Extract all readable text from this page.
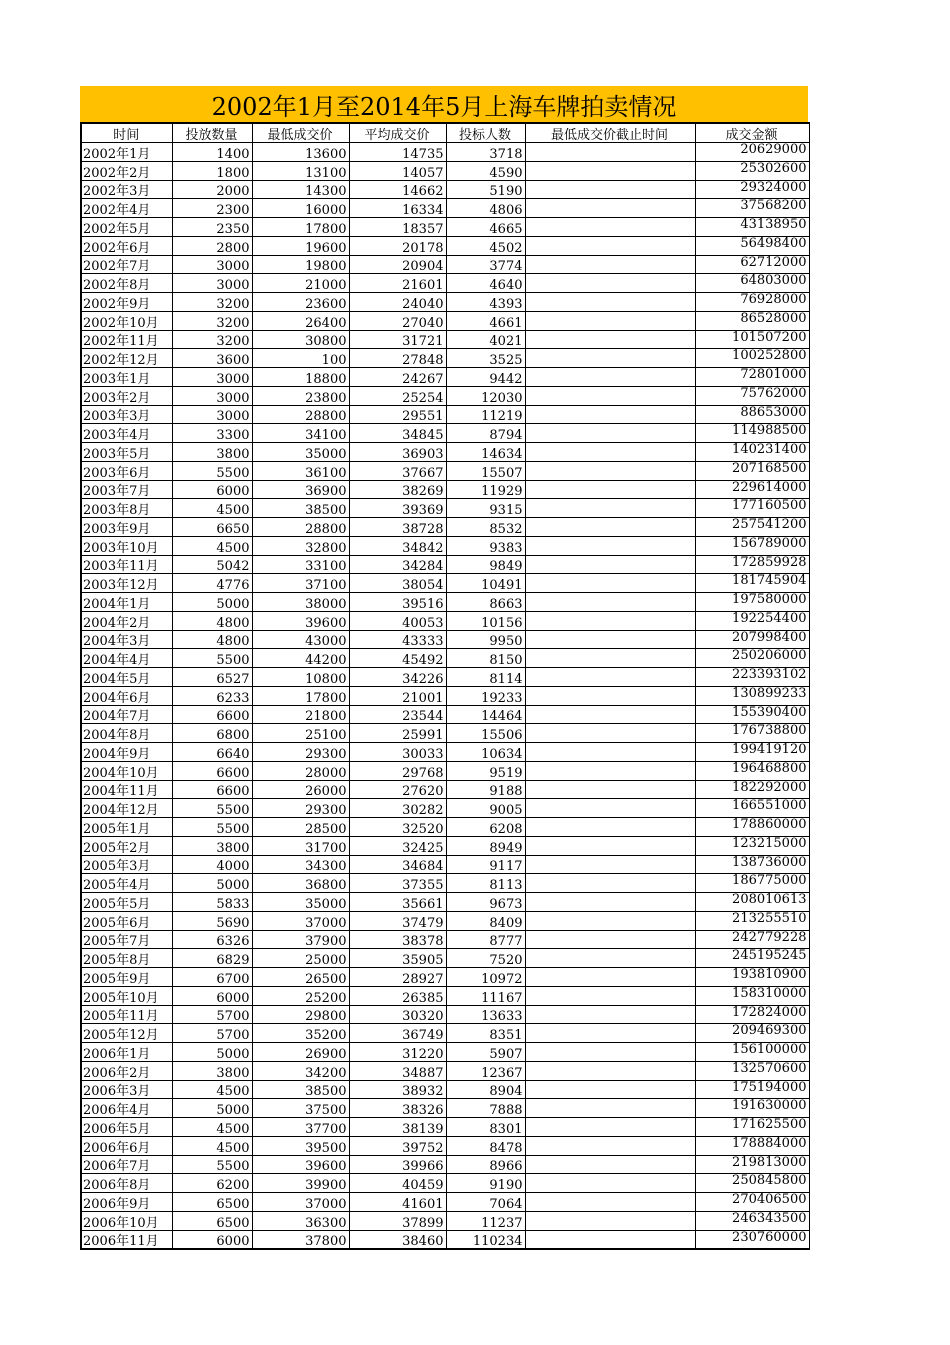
2002年1月至2014年5月上海车牌拍卖情况
时间	投放数量	最低成交价	平均成交价	投标人数	最低成交价截止时间	成交金额
2002年1月	1400	13600	14735	3718		20629000
2002年2月	1800	13100	14057	4590		25302600
2002年3月	2000	14300	14662	5190		29324000
2002年4月	2300	16000	16334	4806		37568200
2002年5月	2350	17800	18357	4665		43138950
2002年6月	2800	19600	20178	4502		56498400
2002年7月	3000	19800	20904	3774		62712000
2002年8月	3000	21000	21601	4640		64803000
2002年9月	3200	23600	24040	4393		76928000
2002年10月	3200	26400	27040	4661		86528000
2002年11月	3200	30800	31721	4021		101507200
2002年12月	3600	100	27848	3525		100252800
2003年1月	3000	18800	24267	9442		72801000
2003年2月	3000	23800	25254	12030		75762000
2003年3月	3000	28800	29551	11219		88653000
2003年4月	3300	34100	34845	8794		114988500
2003年5月	3800	35000	36903	14634		140231400
2003年6月	5500	36100	37667	15507		207168500
2003年7月	6000	36900	38269	11929		229614000
2003年8月	4500	38500	39369	9315		177160500
2003年9月	6650	28800	38728	8532		257541200
2003年10月	4500	32800	34842	9383		156789000
2003年11月	5042	33100	34284	9849		172859928
2003年12月	4776	37100	38054	10491		181745904
2004年1月	5000	38000	39516	8663		197580000
2004年2月	4800	39600	40053	10156		192254400
2004年3月	4800	43000	43333	9950		207998400
2004年4月	5500	44200	45492	8150		250206000
2004年5月	6527	10800	34226	8114		223393102
2004年6月	6233	17800	21001	19233		130899233
2004年7月	6600	21800	23544	14464		155390400
2004年8月	6800	25100	25991	15506		176738800
2004年9月	6640	29300	30033	10634		199419120
2004年10月	6600	28000	29768	9519		196468800
2004年11月	6600	26000	27620	9188		182292000
2004年12月	5500	29300	30282	9005		166551000
2005年1月	5500	28500	32520	6208		178860000
2005年2月	3800	31700	32425	8949		123215000
2005年3月	4000	34300	34684	9117		138736000
2005年4月	5000	36800	37355	8113		186775000
2005年5月	5833	35000	35661	9673		208010613
2005年6月	5690	37000	37479	8409		213255510
2005年7月	6326	37900	38378	8777		242779228
2005年8月	6829	25000	35905	7520		245195245
2005年9月	6700	26500	28927	10972		193810900
2005年10月	6000	25200	26385	11167		158310000
2005年11月	5700	29800	30320	13633		172824000
2005年12月	5700	35200	36749	8351		209469300
2006年1月	5000	26900	31220	5907		156100000
2006年2月	3800	34200	34887	12367		132570600
2006年3月	4500	38500	38932	8904		175194000
2006年4月	5000	37500	38326	7888		191630000
2006年5月	4500	37700	38139	8301		171625500
2006年6月	4500	39500	39752	8478		178884000
2006年7月	5500	39600	39966	8966		219813000
2006年8月	6200	39900	40459	9190		250845800
2006年9月	6500	37000	41601	7064		270406500
2006年10月	6500	36300	37899	11237		246343500
2006年11月	6000	37800	38460	110234		230760000
